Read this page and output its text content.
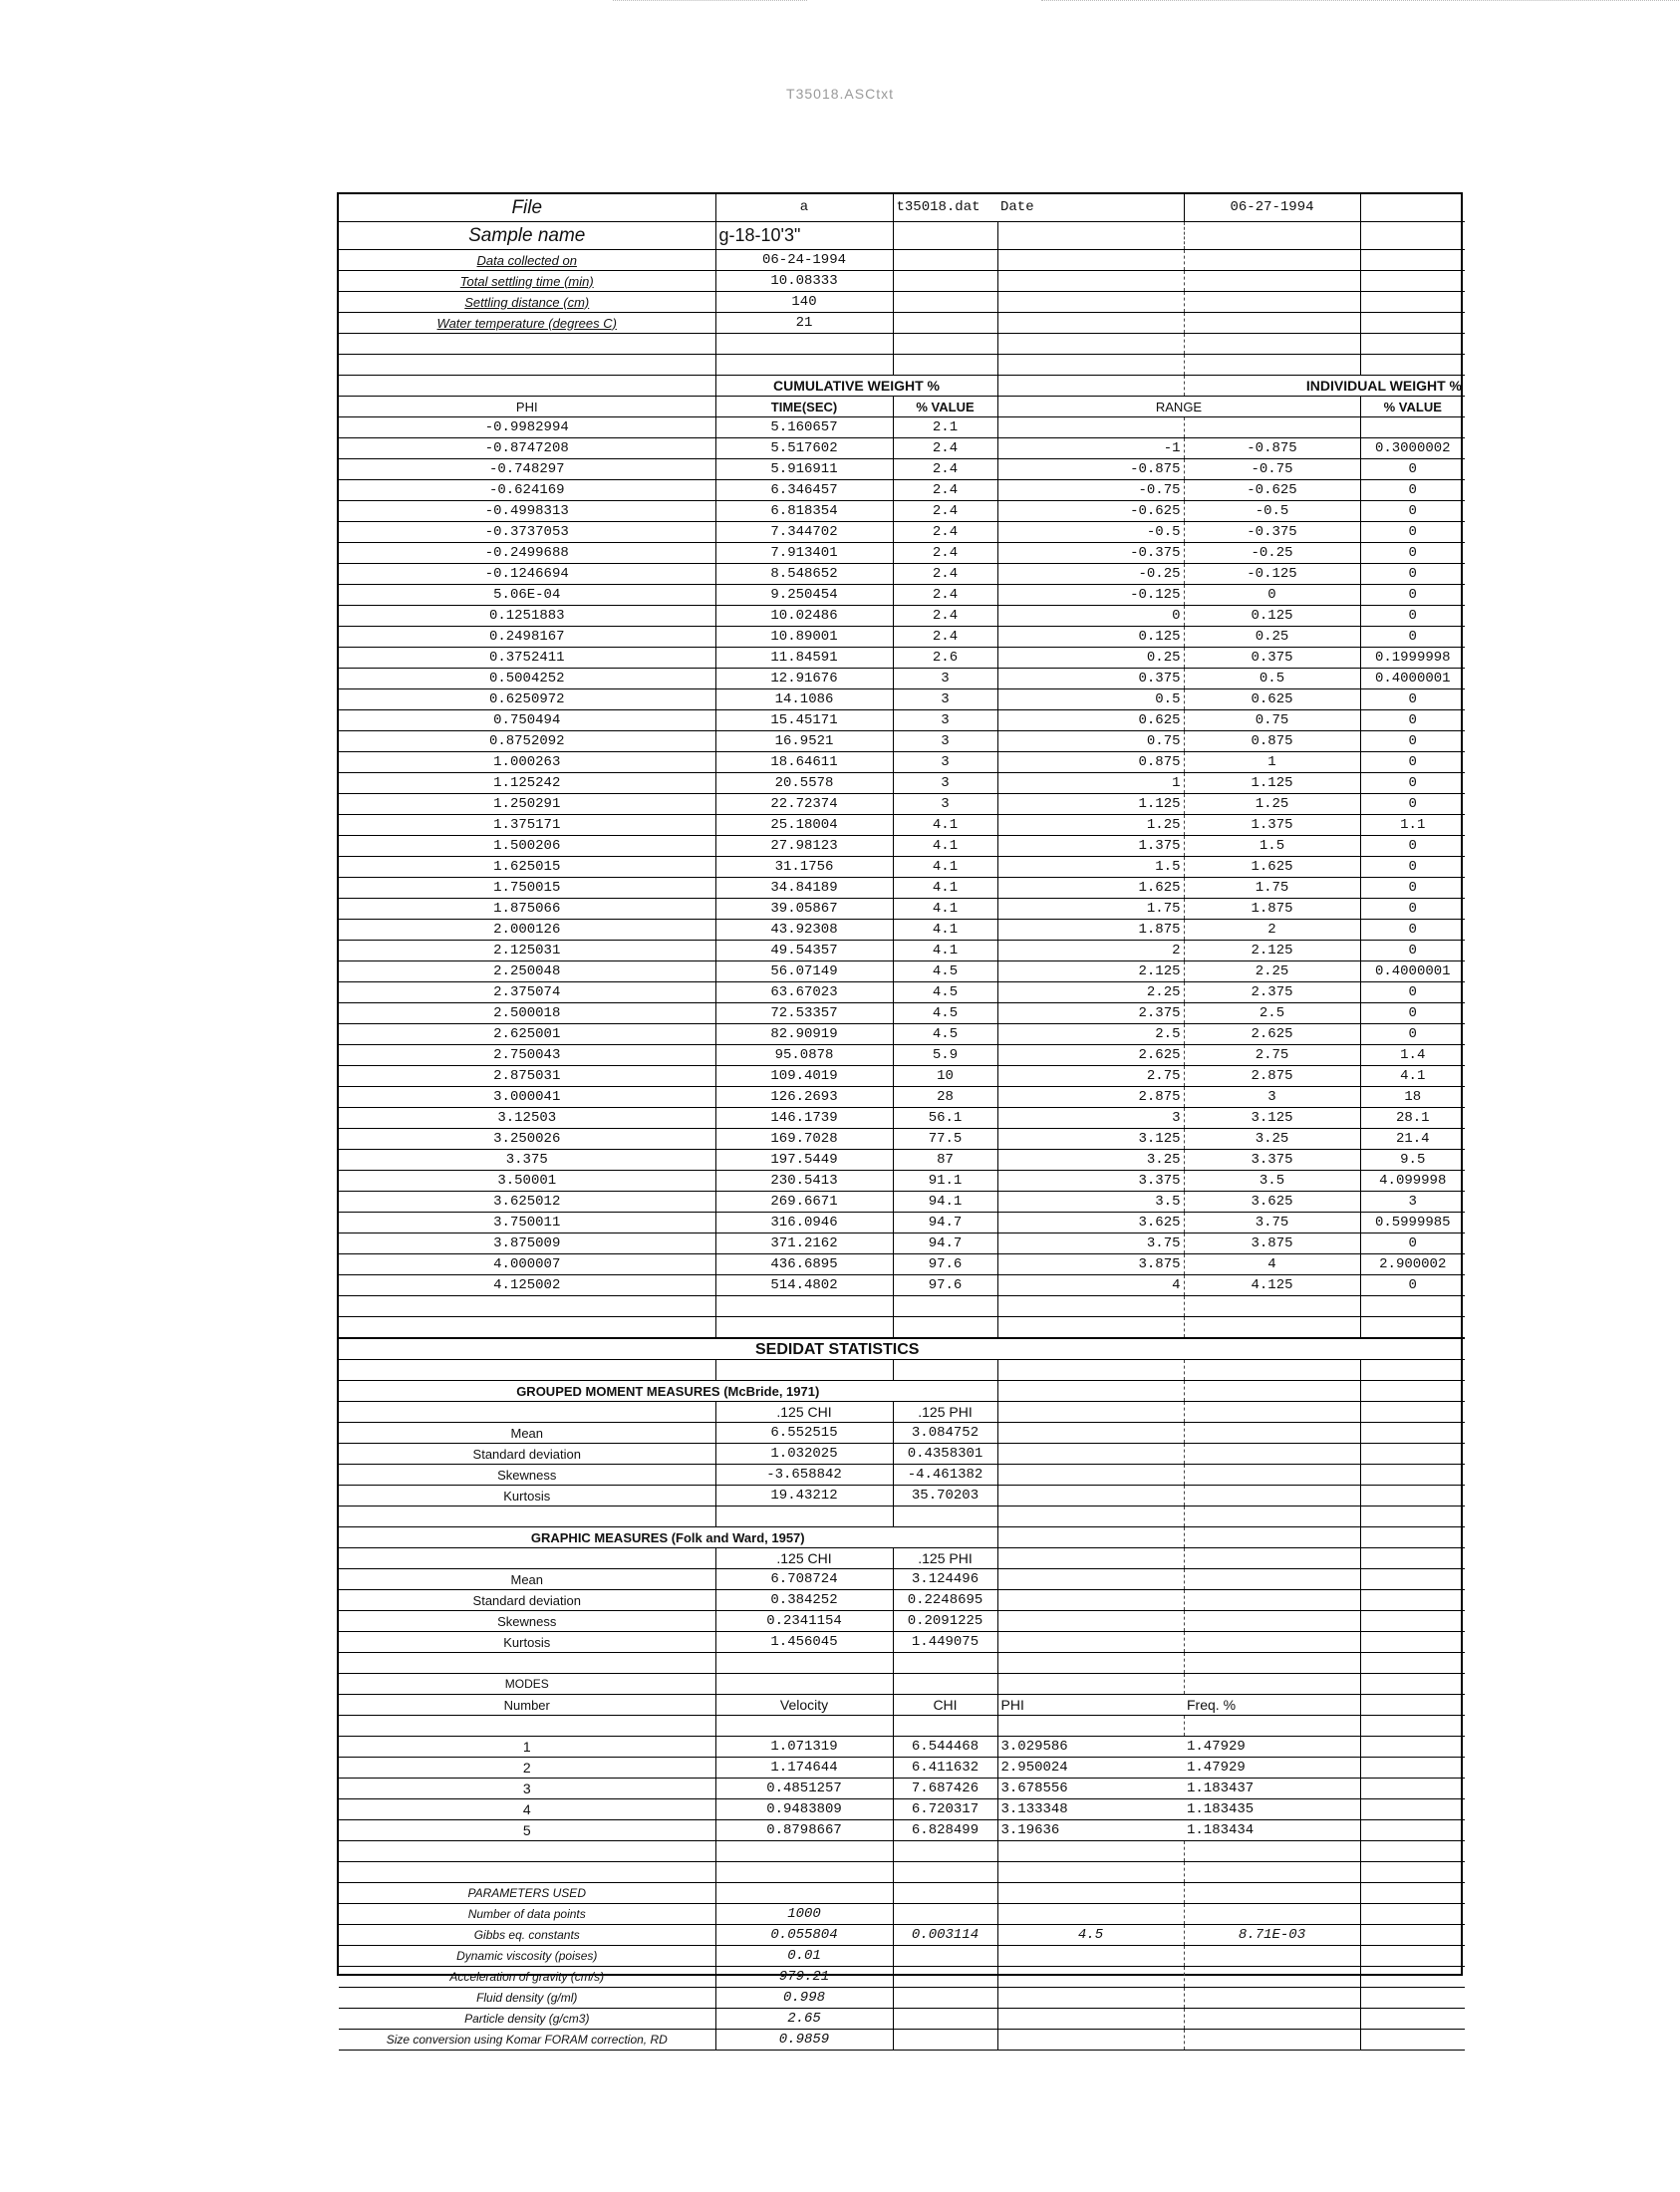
T35018.ASCtxt
File	a	t35018.dat	Date	06-27-1994	
Sample name	g-18-10'3"				
Data collected on	06-24-1994				
Total settling time (min)	10.08333				
Settling distance (cm)	140				
Water temperature (degrees C)	21				

	CUMULATIVE WEIGHT %			INDIVIDUAL WEIGHT %	
PHI	TIME(SEC)	% VALUE	RANGE		% VALUE
-0.9982994	5.160657	2.1			
-0.8747208	5.517602	2.4	-1	-0.875	0.3000002
-0.748297	5.916911	2.4	-0.875	-0.75	0
-0.624169	6.346457	2.4	-0.75	-0.625	0
-0.4998313	6.818354	2.4	-0.625	-0.5	0
-0.3737053	7.344702	2.4	-0.5	-0.375	0
-0.2499688	7.913401	2.4	-0.375	-0.25	0
-0.1246694	8.548652	2.4	-0.25	-0.125	0
5.06E-04	9.250454	2.4	-0.125	0	0
0.1251883	10.02486	2.4	0	0.125	0
0.2498167	10.89001	2.4	0.125	0.25	0
0.3752411	11.84591	2.6	0.25	0.375	0.1999998
0.5004252	12.91676	3	0.375	0.5	0.4000001
0.6250972	14.1086	3	0.5	0.625	0
0.750494	15.45171	3	0.625	0.75	0
0.8752092	16.9521	3	0.75	0.875	0
1.000263	18.64611	3	0.875	1	0
1.125242	20.5578	3	1	1.125	0
1.250291	22.72374	3	1.125	1.25	0
1.375171	25.18004	4.1	1.25	1.375	1.1
1.500206	27.98123	4.1	1.375	1.5	0
1.625015	31.1756	4.1	1.5	1.625	0
1.750015	34.84189	4.1	1.625	1.75	0
1.875066	39.05867	4.1	1.75	1.875	0
2.000126	43.92308	4.1	1.875	2	0
2.125031	49.54357	4.1	2	2.125	0
2.250048	56.07149	4.5	2.125	2.25	0.4000001
2.375074	63.67023	4.5	2.25	2.375	0
2.500018	72.53357	4.5	2.375	2.5	0
2.625001	82.90919	4.5	2.5	2.625	0
2.750043	95.0878	5.9	2.625	2.75	1.4
2.875031	109.4019	10	2.75	2.875	4.1
3.000041	126.2693	28	2.875	3	18
3.12503	146.1739	56.1	3	3.125	28.1
3.250026	169.7028	77.5	3.125	3.25	21.4
3.375	197.5449	87	3.25	3.375	9.5
3.50001	230.5413	91.1	3.375	3.5	4.099998
3.625012	269.6671	94.1	3.5	3.625	3
3.750011	316.0946	94.7	3.625	3.75	0.5999985
3.875009	371.2162	94.7	3.75	3.875	0
4.000007	436.6895	97.6	3.875	4	2.900002
4.125002	514.4802	97.6	4	4.125	0

SEDIDAT STATISTICS					

GROUPED MOMENT MEASURES (McBride, 1971)					
	.125 CHI	.125 PHI			
Mean	6.552515	3.084752			
Standard deviation	1.032025	0.4358301			
Skewness	-3.658842	-4.461382			
Kurtosis	19.43212	35.70203			

GRAPHIC MEASURES (Folk and Ward, 1957)					
	.125 CHI	.125 PHI			
Mean	6.708724	3.124496			
Standard deviation	0.384252	0.2248695			
Skewness	0.2341154	0.2091225			
Kurtosis	1.456045	1.449075			

MODES					
Number	Velocity	CHI	PHI	Freq. %	

1	1.071319	6.544468	3.029586	1.47929	
2	1.174644	6.411632	2.950024	1.47929	
3	0.4851257	7.687426	3.678556	1.183437	
4	0.9483809	6.720317	3.133348	1.183435	
5	0.8798667	6.828499	3.19636	1.183434	

PARAMETERS USED					
Number of data points	1000				
Gibbs eq. constants	0.055804	0.003114	4.5	8.71E-03	
Dynamic viscosity (poises)	0.01				
Acceleration of gravity (cm/s)	979.21				
Fluid density (g/ml)	0.998				
Particle density (g/cm3)	2.65				
Size conversion using Komar FORAM correction, RD	0.9859				
